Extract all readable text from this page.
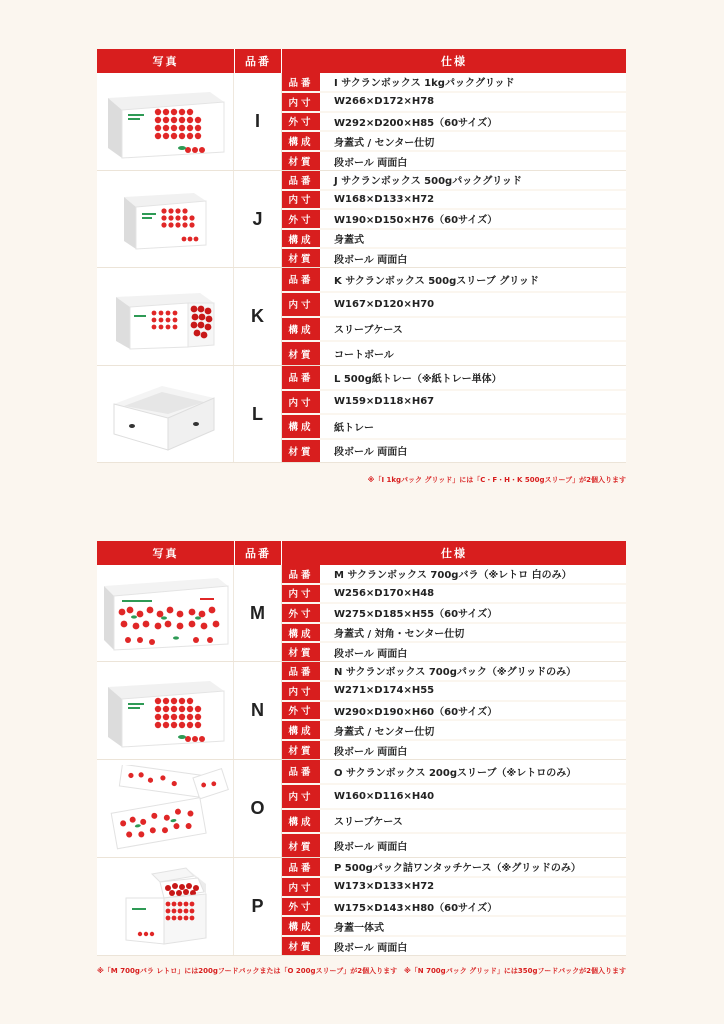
写真	品番	仕様
I
品番	I サクランボックス 1kgパックグリッド
内寸	W266×D172×H78
外寸	W292×D200×H85（60サイズ）
構成	身蓋式 / センター仕切
材質	段ボール 両面白
J
品番	J サクランボックス 500gパックグリッド
内寸	W168×D133×H72
外寸	W190×D150×H76（60サイズ）
構成	身蓋式
材質	段ボール 両面白
K
品番	K サクランボックス 500gスリーブ グリッド
内寸	W167×D120×H70
構成	スリーブケース
材質	コートボール
L
品番	L 500g紙トレー（※紙トレー単体）
内寸	W159×D118×H67
構成	紙トレー
材質	段ボール 両面白
※「I 1kgパック グリッド」には「C・F・H・K 500gスリーブ」が2個入ります
写真	品番	仕様
M
品番	M サクランボックス 700gバラ（※レトロ 白のみ）
内寸	W256×D170×H48
外寸	W275×D185×H55（60サイズ）
構成	身蓋式 / 対角・センター仕切
材質	段ボール 両面白
N
品番	N サクランボックス 700gパック（※グリッドのみ）
内寸	W271×D174×H55
外寸	W290×D190×H60（60サイズ）
構成	身蓋式 / センター仕切
材質	段ボール 両面白
O
品番	O サクランボックス 200gスリーブ（※レトロのみ）
内寸	W160×D116×H40
構成	スリーブケース
材質	段ボール 両面白
P
品番	P 500gパック詰ワンタッチケース（※グリッドのみ）
内寸	W173×D133×H72
外寸	W175×D143×H80（60サイズ）
構成	身蓋一体式
材質	段ボール 両面白
※「M 700gバラ レトロ」には200gフードパックまたは「O 200gスリーブ」が2個入ります ※「N 700gパック グリッド」には350gフードパックが2個入ります
